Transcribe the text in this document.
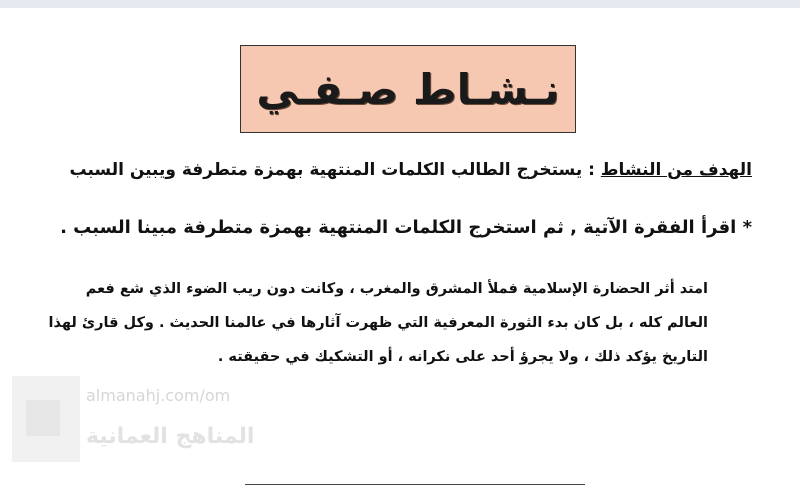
نـشـاط صـفـي
الهدف من النشاط : يستخرج الطالب الكلمات المنتهية بهمزة متطرفة ويبين السبب
* اقرأ الفقرة الآتية , ثم استخرج الكلمات المنتهية بهمزة متطرفة مبينا السبب .
امتد أثر الحضارة الإسلامية فملأ المشرق والمغرب ، وكانت دون ريب الضوء الذي شع فعم
العالم كله ، بل كان بدء الثورة المعرفية التي ظهرت آثارها في عالمنا الحديث . وكل قارئ لهذا
التاريخ يؤكد ذلك ، ولا يجرؤ أحد على نكرانه ، أو التشكيك في حقيقته .
almanahj.com/om
المناهج العمانية
